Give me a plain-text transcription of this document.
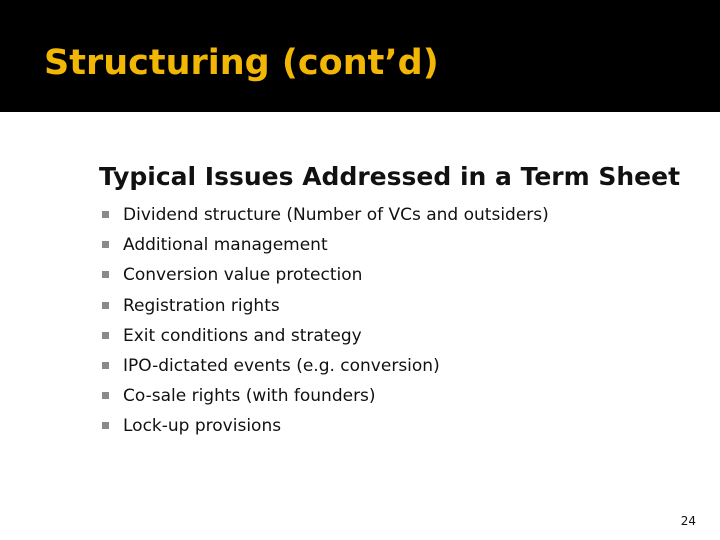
Structuring (cont’d)
Typical Issues Addressed in a Term Sheet
Dividend structure (Number of VCs and outsiders)
Additional management
Conversion value protection
Registration rights
Exit conditions and strategy
IPO-dictated events (e.g. conversion)
Co-sale rights (with founders)
Lock-up provisions
24
